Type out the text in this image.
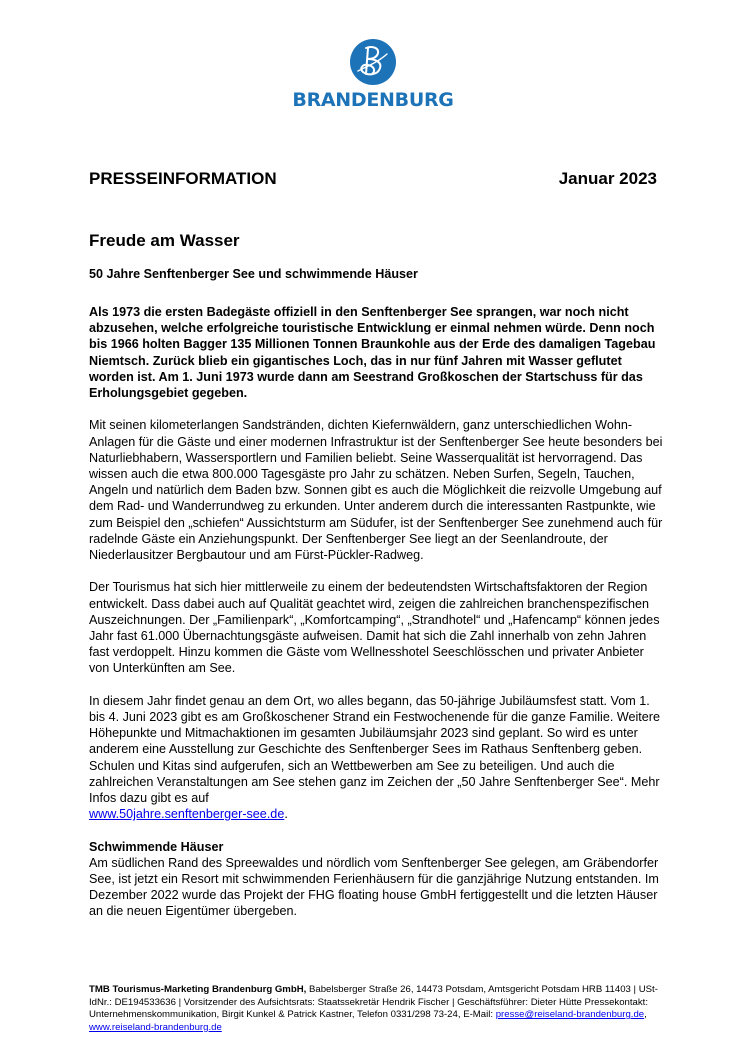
BRANDENBURG
PRESSEINFORMATION	Januar 2023
Freude am Wasser
50 Jahre Senftenberger See und schwimmende Häuser

Als 1973 die ersten Badegäste offiziell in den Senftenberger See sprangen, war noch nicht abzusehen, welche erfolgreiche touristische Entwicklung er einmal nehmen würde. Denn noch bis 1966 holten Bagger 135 Millionen Tonnen Braunkohle aus der Erde des damaligen Tagebau Niemtsch. Zurück blieb ein gigantisches Loch, das in nur fünf Jahren mit Wasser geflutet worden ist. Am 1. Juni 1973 wurde dann am Seestrand Großkoschen der Startschuss für das Erholungsgebiet gegeben.

Mit seinen kilometerlangen Sandstränden, dichten Kiefernwäldern, ganz unterschiedlichen Wohn- Anlagen für die Gäste und einer modernen Infrastruktur ist der Senftenberger See heute besonders bei Naturliebhabern, Wassersportlern und Familien beliebt. Seine Wasserqualität ist hervorragend. Das wissen auch die etwa 800.000 Tagesgäste pro Jahr zu schätzen. Neben Surfen, Segeln, Tauchen, Angeln und natürlich dem Baden bzw. Sonnen gibt es auch die Möglichkeit die reizvolle Umgebung auf dem Rad- und Wanderrundweg zu erkunden. Unter anderem durch die interessanten Rastpunkte, wie zum Beispiel den „schiefen“ Aussichtsturm am Südufer, ist der Senftenberger See zunehmend auch für radelnde Gäste ein Anziehungspunkt. Der Senftenberger See liegt an der Seenlandroute, der Niederlausitzer Bergbautour und am Fürst-Pückler-Radweg.

Der Tourismus hat sich hier mittlerweile zu einem der bedeutendsten Wirtschaftsfaktoren der Region entwickelt. Dass dabei auch auf Qualität geachtet wird, zeigen die zahlreichen branchenspezifischen Auszeichnungen. Der „Familienpark“, „Komfortcamping“, „Strandhotel“ und „Hafencamp“ können jedes Jahr fast 61.000 Übernachtungsgäste aufweisen. Damit hat sich die Zahl innerhalb von zehn Jahren fast verdoppelt. Hinzu kommen die Gäste vom Wellnesshotel Seeschlösschen und privater Anbieter von Unterkünften am See.

In diesem Jahr findet genau an dem Ort, wo alles begann, das 50-jährige Jubiläumsfest statt. Vom 1. bis 4. Juni 2023 gibt es am Großkoschener Strand ein Festwochenende für die ganze Familie. Weitere Höhepunkte und Mitmachaktionen im gesamten Jubiläumsjahr 2023 sind geplant. So wird es unter anderem eine Ausstellung zur Geschichte des Senftenberger Sees im Rathaus Senftenberg geben. Schulen und Kitas sind aufgerufen, sich an Wettbewerben am See zu beteiligen. Und auch die zahlreichen Veranstaltungen am See stehen ganz im Zeichen der „50 Jahre Senftenberger See“. Mehr Infos dazu gibt es auf
www.50jahre.senftenberger-see.de.

Schwimmende Häuser
Am südlichen Rand des Spreewaldes und nördlich vom Senftenberger See gelegen, am Gräbendorfer See, ist jetzt ein Resort mit schwimmenden Ferienhäusern für die ganzjährige Nutzung entstanden. Im Dezember 2022 wurde das Projekt der FHG floating house GmbH fertiggestellt und die letzten Häuser an die neuen Eigentümer übergeben.

TMB Tourismus-Marketing Brandenburg GmbH, Babelsberger Straße 26, 14473 Potsdam, Amtsgericht Potsdam HRB 11403 | USt-IdNr.: DE194533636 | Vorsitzender des Aufsichtsrats: Staatssekretär Hendrik Fischer | Geschäftsführer: Dieter Hütte Pressekontakt: Unternehmenskommunikation, Birgit Kunkel & Patrick Kastner, Telefon 0331/298 73-24, E-Mail: presse@reiseland-brandenburg.de, www.reiseland-brandenburg.de
